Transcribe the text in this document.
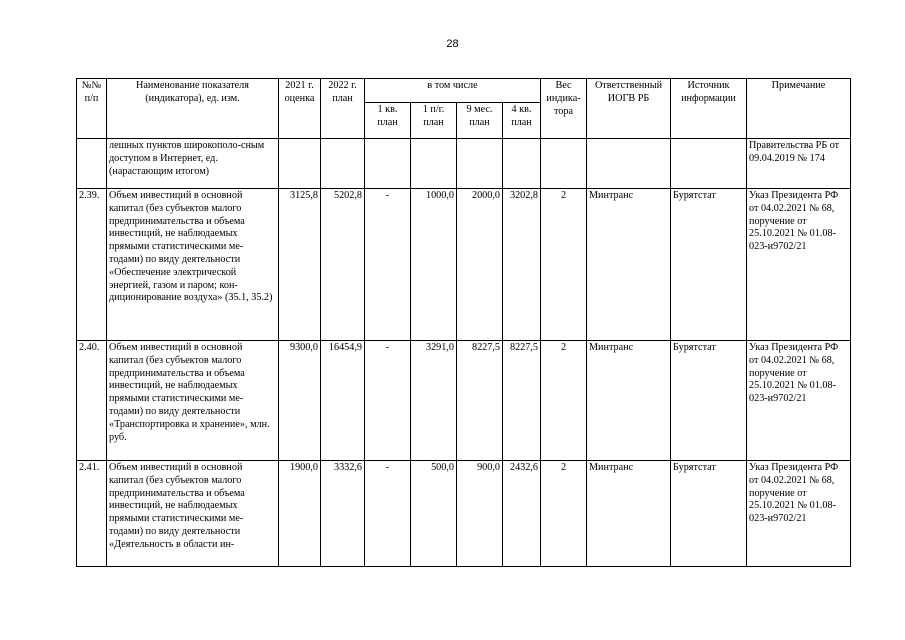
28
№№ п/п	Наименование показателя (индикатора), ед. изм.	2021 г. оценка	2022 г. план	в том числе				Вес индика-тора	Ответственный ИОГВ РБ	Источник информации	Примечание
				1 кв. план	1 п/г. план	9 мес. план	4 кв. план				
	лешных пунктов широкополо-сным доступом в Интернет, ед. (нарастающим итогом)										Правительства РБ от 09.04.2019 № 174
2.39.	Объем инвестиций в основной капитал (без субъектов малого предпринимательства и объема инвестиций, не наблюдаемых прямыми статистическими ме-тодами) по виду деятельности «Обеспечение электрической энергией, газом и паром; кон-диционирование воздуха» (35.1, 35.2)	3125,8	5202,8	-	1000,0	2000,0	3202,8	2	Минтранс	Бурятстат	Указ Президента РФ от 04.02.2021 № 68, поручение от 25.10.2021 № 01.08-023-и9702/21
2.40.	Объем инвестиций в основной капитал (без субъектов малого предпринимательства и объема инвестиций, не наблюдаемых прямыми статистическими ме-тодами) по виду деятельности «Транспортировка и хранение», млн. руб.	9300,0	16454,9	-	3291,0	8227,5	8227,5	2	Минтранс	Бурятстат	Указ Президента РФ от 04.02.2021 № 68, поручение от 25.10.2021 № 01.08-023-и9702/21
2.41.	Объем инвестиций в основной капитал (без субъектов малого предпринимательства и объема инвестиций, не наблюдаемых прямыми статистическими ме-тодами) по виду деятельности «Деятельность в области ин-	1900,0	3332,6	-	500,0	900,0	2432,6	2	Минтранс	Бурятстат	Указ Президента РФ от 04.02.2021 № 68, поручение от 25.10.2021 № 01.08-023-и9702/21
